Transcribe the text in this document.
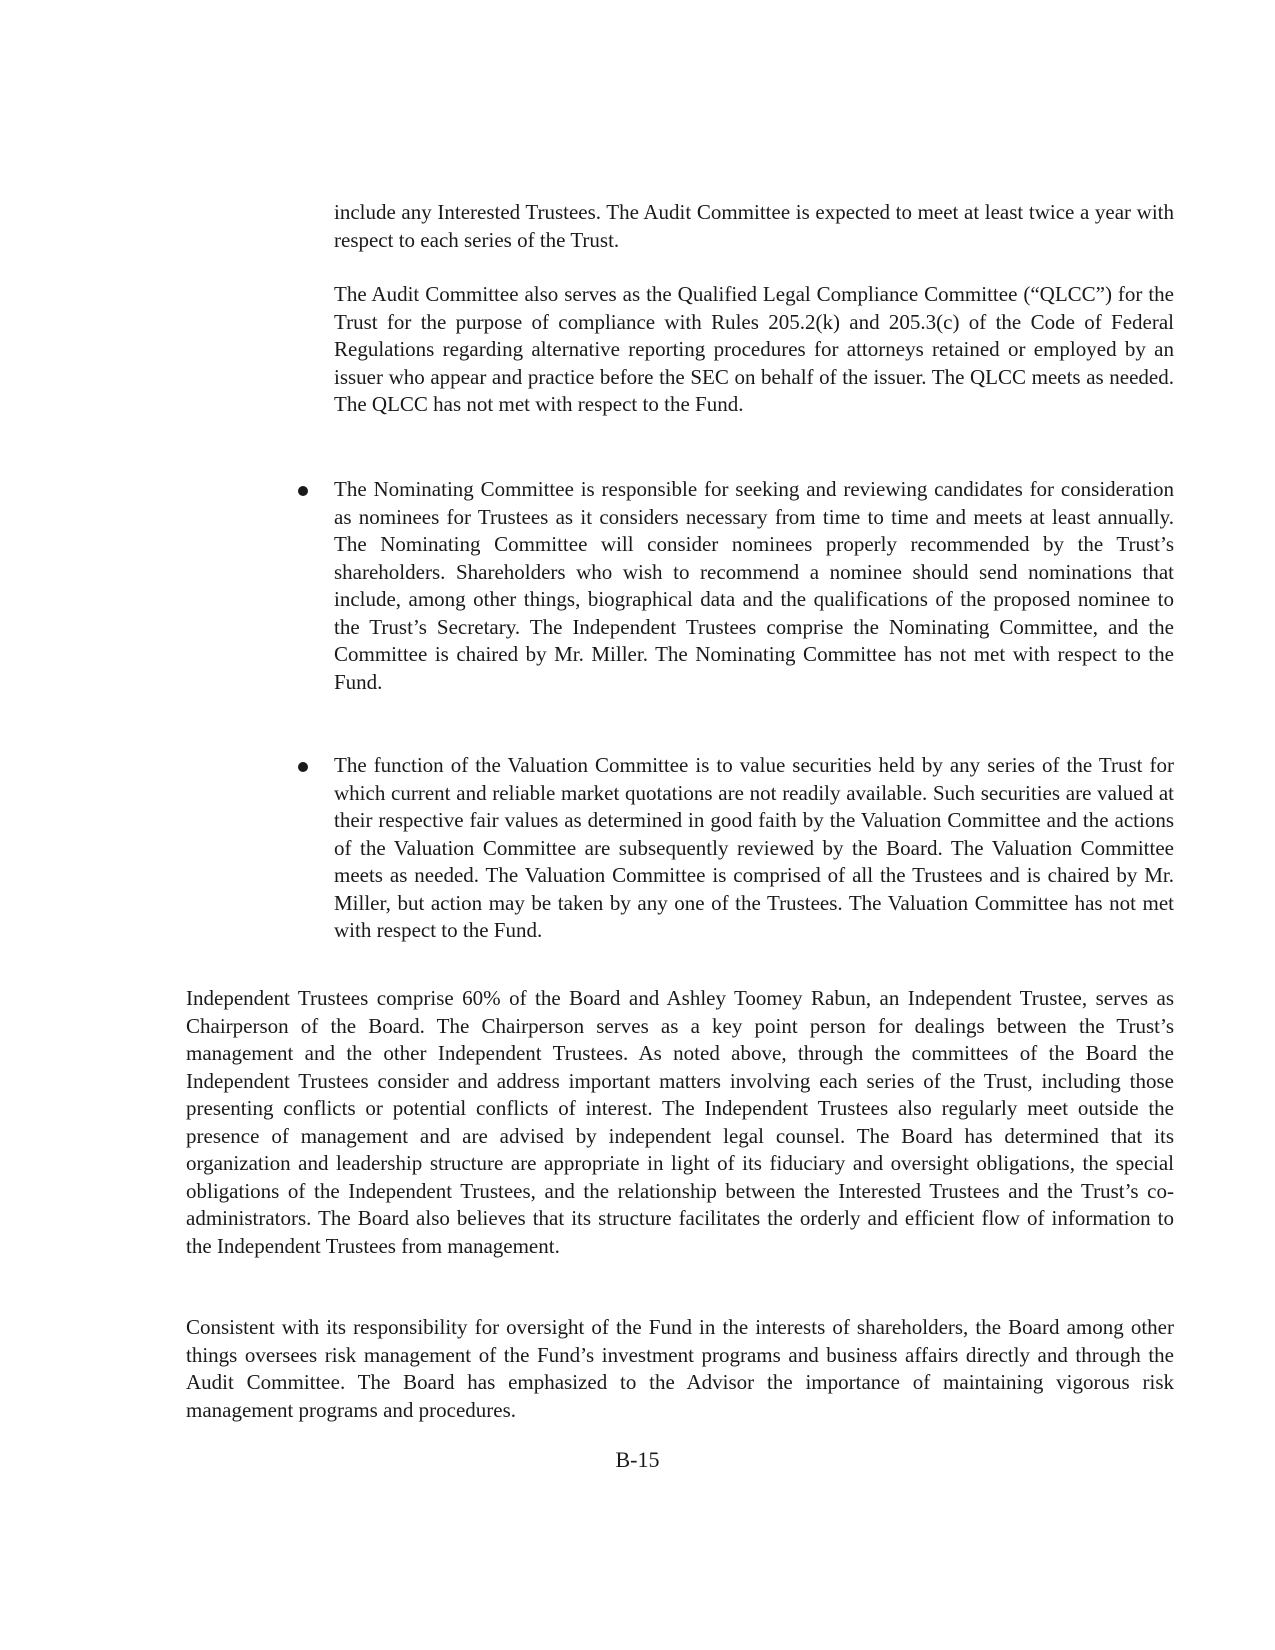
include any Interested Trustees. The Audit Committee is expected to meet at least twice a year with respect to each series of the Trust.

The Audit Committee also serves as the Qualified Legal Compliance Committee (“QLCC”) for the Trust for the purpose of compliance with Rules 205.2(k) and 205.3(c) of the Code of Federal Regulations regarding alternative reporting procedures for attorneys retained or employed by an issuer who appear and practice before the SEC on behalf of the issuer. The QLCC meets as needed. The QLCC has not met with respect to the Fund.

The Nominating Committee is responsible for seeking and reviewing candidates for consideration as nominees for Trustees as it considers necessary from time to time and meets at least annually. The Nominating Committee will consider nominees properly recommended by the Trust’s shareholders. Shareholders who wish to recommend a nominee should send nominations that include, among other things, biographical data and the qualifications of the proposed nominee to the Trust’s Secretary. The Independent Trustees comprise the Nominating Committee, and the Committee is chaired by Mr. Miller. The Nominating Committee has not met with respect to the Fund.

The function of the Valuation Committee is to value securities held by any series of the Trust for which current and reliable market quotations are not readily available. Such securities are valued at their respective fair values as determined in good faith by the Valuation Committee and the actions of the Valuation Committee are subsequently reviewed by the Board. The Valuation Committee meets as needed. The Valuation Committee is comprised of all the Trustees and is chaired by Mr. Miller, but action may be taken by any one of the Trustees. The Valuation Committee has not met with respect to the Fund.

Independent Trustees comprise 60% of the Board and Ashley Toomey Rabun, an Independent Trustee, serves as Chairperson of the Board. The Chairperson serves as a key point person for dealings between the Trust’s management and the other Independent Trustees. As noted above, through the committees of the Board the Independent Trustees consider and address important matters involving each series of the Trust, including those presenting conflicts or potential conflicts of interest. The Independent Trustees also regularly meet outside the presence of management and are advised by independent legal counsel. The Board has determined that its organization and leadership structure are appropriate in light of its fiduciary and oversight obligations, the special obligations of the Independent Trustees, and the relationship between the Interested Trustees and the Trust’s co-administrators. The Board also believes that its structure facilitates the orderly and efficient flow of information to the Independent Trustees from management.

Consistent with its responsibility for oversight of the Fund in the interests of shareholders, the Board among other things oversees risk management of the Fund’s investment programs and business affairs directly and through the Audit Committee. The Board has emphasized to the Advisor the importance of maintaining vigorous risk management programs and procedures.

B-15
